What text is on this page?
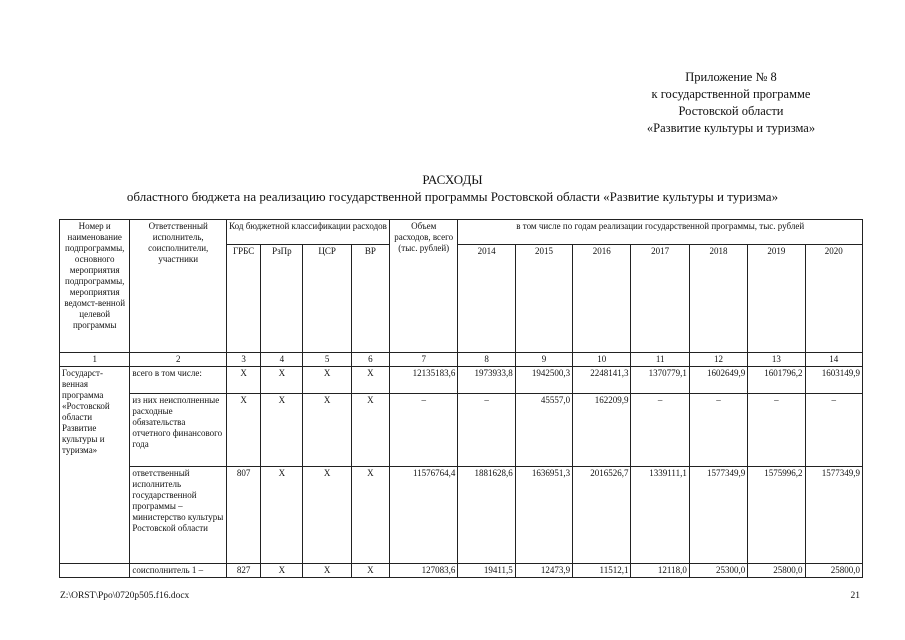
Приложение № 8
к государственной программе
Ростовской области
«Развитие культуры и туризма»
РАСХОДЫ
областного бюджета на реализацию государственной программы Ростовской области «Развитие культуры и туризма»
Номер и наименование подпрограммы, основного мероприятия подпрограммы, мероприятия ведомст-венной целевой программы	Ответственный исполнитель, соисполнители, участники	Код бюджетной классификации расходов				Объем расходов, всего (тыс. рублей)	в том числе по годам реализации государственной программы, тыс. рублей						
		ГРБС	РзПр	ЦСР	ВР		2014	2015	2016	2017	2018	2019	2020
1	2	3	4	5	6	7	8	9	10	11	12	13	14
Государст-венная программа «Ростовской области Развитие культуры и туризма»	всего в том числе:	X	X	X	X	12135183,6	1973933,8	1942500,3	2248141,3	1370779,1	1602649,9	1601796,2	1603149,9
	из них неисполненные расходные обязательства отчетного финансового года	X	X	X	X	–	–	45557,0	162209,9	–	–	–	–
	ответственный исполнитель государственной программы – министерство культуры Ростовской области	807	X	X	X	11576764,4	1881628,6	1636951,3	2016526,7	1339111,1	1577349,9	1575996,2	1577349,9
	соисполнитель 1 –	827	X	X	X	127083,6	19411,5	12473,9	11512,1	12118,0	25300,0	25800,0	25800,0
Z:\ORST\Ppo\0720p505.f16.docx	21
